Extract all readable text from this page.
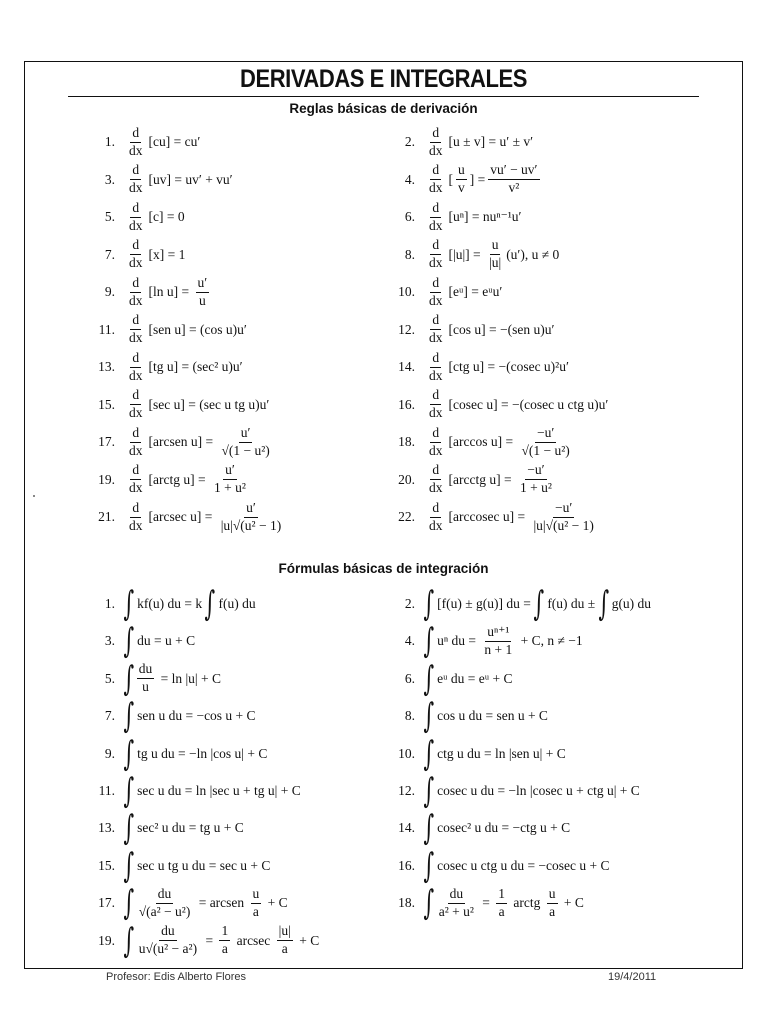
DERIVADAS E INTEGRALES
Reglas básicas de derivación
1. $\frac{d}{dx} [cu] = cu'$	2. $\frac{d}{dx} [u \pm v] = u' \pm v'$
3. $\frac{d}{dx} [uv] = uv' + vu'$	4. $\frac{d}{dx}$ [ $\frac{u}{v}$ ] = $\frac{vu' - uv'}{\text{v²}}$
5. $\frac{d}{dx} [c] = 0$	6. $\frac{d}{dx} [u^n] = nu^{n-1}u'$
7. $\frac{d}{dx} [x] = 1$	8. $\frac{d}{dx} [|u|] = \frac{u}{|u|} (u')$, u ≠ 0
9. $\frac{d}{dx} [\ln$ $u] = \frac{u'}{u}$	10. $\frac{d}{dx}$ [eᵘ] = eᵘu′
11. $\frac{d}{dx} [sen$ u] = (cos u)u′	12. $\frac{d}{dx} [\cos$ u] = −(sen u)u′
13. $\frac{d}{dx} [tg$ u] = (sec² u)u′	14. $\frac{d}{dx} [ctg$ u] = −(cosec u)²u′
15. $\frac{d}{dx} [\sec$ u] = (sec u tg u)u′	16. $\frac{d}{dx} [cosec$ u] = −(cosec u ctg u)u′
17. $\frac{d}{dx}$ [arcsen $u] = \frac{u'}{\text{√(1 − u²)}}$	18. $\frac{d}{dx} [\arccos$ $u] = \frac{-u'}{\text{√(1 − u²)}}$
19. $\frac{d}{dx}$ [arctg $u] = \frac{u'}{\text{1 + u²}}$	20. $\frac{d}{dx}$ [arcctg $u] = \frac{-u'}{\text{1 + u²}}$
21. $\frac{d}{dx} [arcsec$ $u] = \frac{u'}{\text{|u|√(u² − 1)}}$	22. $\frac{d}{dx}$ [arccosec $u] = \frac{-u'}{\text{|u|√(u² − 1)}}$
Fórmulas básicas de integración
1. ∫ kf(u) du = k ∫ f(u) du	2. ∫ [f(u) ± g(u)] du = ∫ f(u) du ± ∫ g(u) du
3. ∫ du = u + C	4. ∫ uⁿ du = $\frac{\text{uⁿ⁺¹}}{n + 1} + C$, n ≠ −1
5. ∫ $\frac{du}{u} = \ln |u| + C$	6. ∫ eᵘ du = eᵘ + C
7. ∫ sen u du = −cos u + C	8. ∫ cos u du = sen u + C
9. ∫ tg u du = −ln |cos u| + C	10. ∫ ctg u du = ln |sen u| + C
11. ∫ sec u du = ln |sec u + tg u| + C	12. ∫ cosec u du = −ln |cosec u + ctg u| + C
13. ∫ sec² u du = tg u + C	14. ∫ cosec² u du = −ctg u + C
15. ∫ sec u tg u du = sec u + C	16. ∫ cosec u ctg u du = −cosec u + C
17. ∫ $\frac{du}{\text{√(a² − u²)}}$ = arcsen $\frac{u}{a} + C$	18. ∫ $\frac{du}{\text{a² + u²}} = \frac{1}{a}$ arctg $\frac{u}{a} + C$
19. ∫ $\frac{du}{\text{u√(u² − a²)}} = \frac{1}{a}$ arcsec $\frac{|u|}{a} + C$
Profesor: Edis Alberto Flores	19/4/2011
